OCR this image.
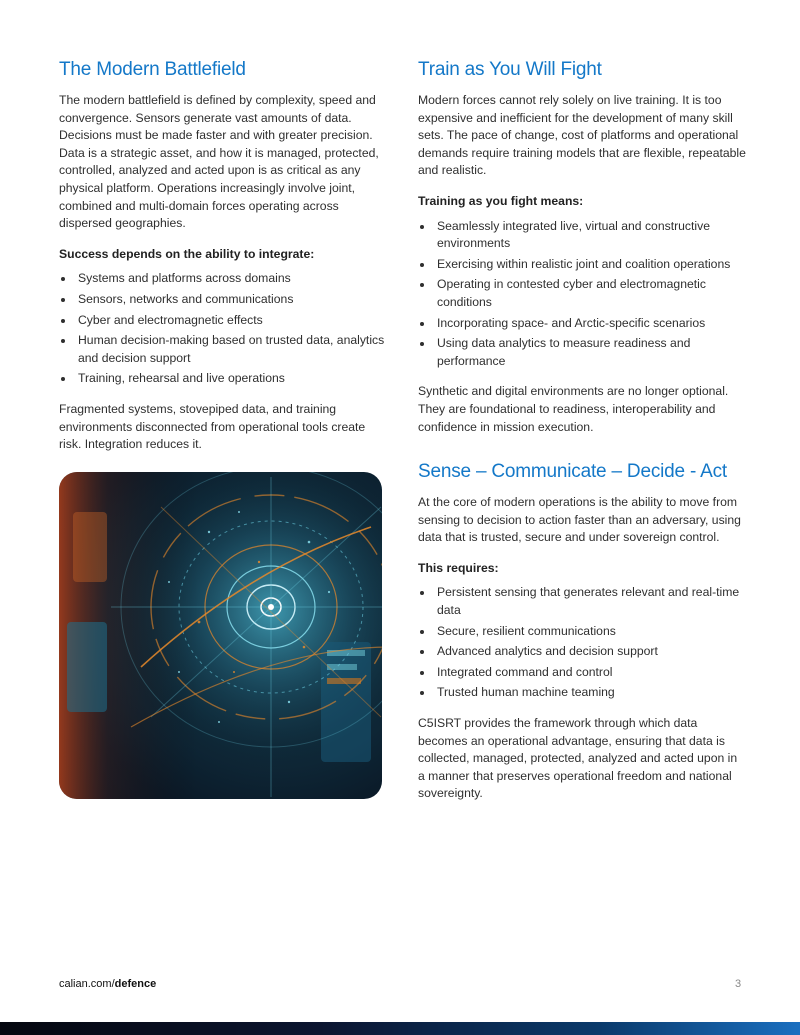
The Modern Battlefield

The modern battlefield is defined by complexity, speed and convergence. Sensors generate vast amounts of data. Decisions must be made faster and with greater precision. Data is a strategic asset, and how it is managed, protected, controlled, analyzed and acted upon is as critical as any physical platform. Operations increasingly involve joint, combined and multi-domain forces operating across dispersed geographies.

Success depends on the ability to integrate:

Systems and platforms across domains
Sensors, networks and communications
Cyber and electromagnetic effects
Human decision-making based on trusted data, analytics and decision support
Training, rehearsal and live operations

Fragmented systems, stovepiped data, and training environments disconnected from operational tools create risk. Integration reduces it.

Train as You Will Fight

Modern forces cannot rely solely on live training. It is too expensive and inefficient for the development of many skill sets. The pace of change, cost of platforms and operational demands require training models that are flexible, repeatable and realistic.

Training as you fight means:

Seamlessly integrated live, virtual and constructive environments
Exercising within realistic joint and coalition operations
Operating in contested cyber and electromagnetic conditions
Incorporating space- and Arctic-specific scenarios
Using data analytics to measure readiness and performance

Synthetic and digital environments are no longer optional. They are foundational to readiness, interoperability and confidence in mission execution.

Sense – Communicate – Decide - Act

At the core of modern operations is the ability to move from sensing to decision to action faster than an adversary, using data that is trusted, secure and under sovereign control.

This requires:

Persistent sensing that generates relevant and real-time data
Secure, resilient communications
Advanced analytics and decision support
Integrated command and control
Trusted human machine teaming

C5ISRT provides the framework through which data becomes an operational advantage, ensuring that data is collected, managed, protected, analyzed and acted upon in a manner that preserves operational freedom and national sovereignty.

calian.com/defence	3
